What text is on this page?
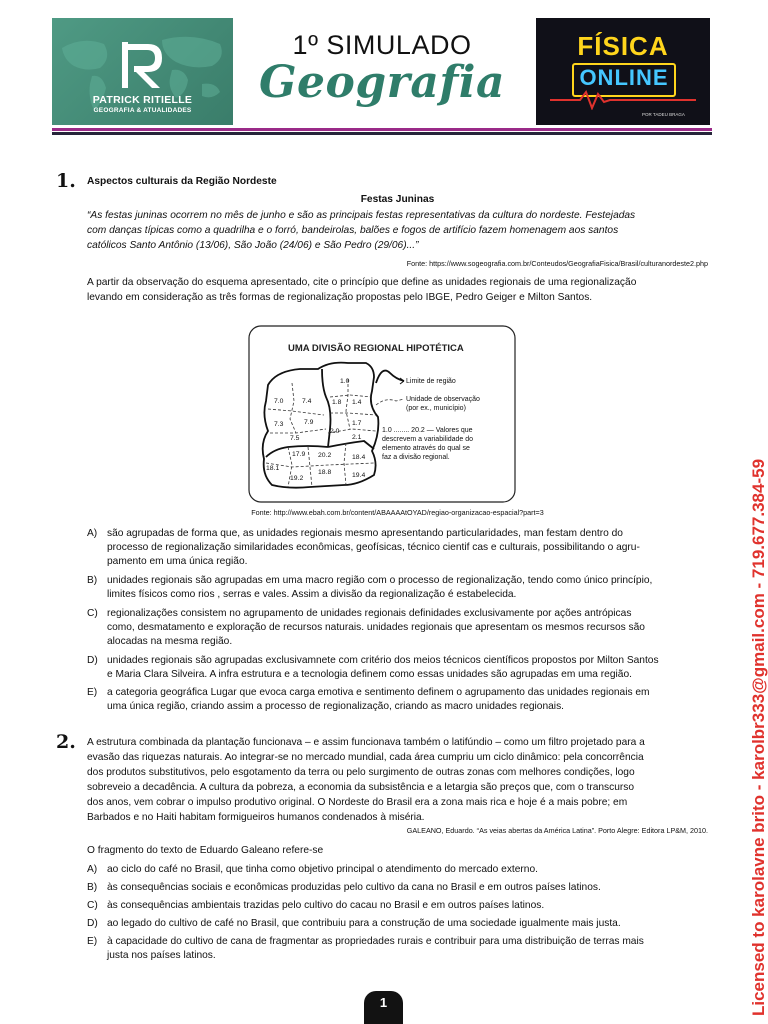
PATRICK RITIELLE
GEOGRAFIA & ATUALIDADES
1º SIMULADO
Geografia
FÍSICA
ONLINE
POR TADEU BRAGA
1. Aspectos culturais da Região Nordeste
Festas Juninas
“As festas juninas ocorrem no mês de junho e são as principais festas representativas da cultura do nordeste. Festejadas
com danças típicas como a quadrilha e o forró, bandeirolas, balões e fogos de artifício fazem homenagem aos santos
católicos Santo Antônio (13/06), São João (24/06) e São Pedro (29/06)...”
Fonte: https://www.sogeografia.com.br/Conteudos/GeografiaFisica/Brasil/culturanordeste2.php
A partir da observação do esquema apresentado, cite o princípio que define as unidades regionais de uma regionalização
levando em consideração as três formas de regionalização propostas pelo IBGE, Pedro Geiger e Milton Santos.
UMA DIVISÃO REGIONAL HIPOTÉTICA
1.0
7.0	7.4	1.8 1.4
7.3	7.9	1.7
2.0
7.5	2.1
17.9 20.2	18.4
18.1
18.8
19.2	19.4
Limite de região
Unidade de observação
(por ex., município)
1.0 ........ 20.2 — Valores que
descrevem a variabilidade do
elemento através do qual se
faz a divisão regional.
Fonte: http://www.ebah.com.br/content/ABAAAAtOYAD/regiao-organizacao-espacial?part=3
A) são agrupadas de forma que, as unidades regionais mesmo apresentando particularidades, man festam dentro do
processo de regionalização similaridades econômicas, geofísicas, técnico cientif cas e culturais, possibilitando o agru-
pamento em uma única região.
B) unidades regionais são agrupadas em uma macro região com o processo de regionalização, tendo como único princípio,
limites físicos como rios , serras e vales. Assim a divisão da regionalização é estabelecida.
C) regionalizações consistem no agrupamento de unidades regionais definidades exclusivamente por ações antrópicas
como, desmatamento e exploração de recursos naturais. unidades regionais que apresentam os mesmos recursos são
alocadas na mesma região.
D) unidades regionais são agrupadas exclusivamnete com critério dos meios técnicos científicos propostos por Milton Santos
e Maria Clara Silveira. A infra estrutura e a tecnologia definem como essas unidades são agrupadas em uma região.
E) a categoria geográfica Lugar que evoca carga emotiva e sentimento definem o agrupamento das unidades regionais em
uma única região, criando assim a processo de regionalização, criando as macro unidades regionais.
2. A estrutura combinada da plantação funcionava – e assim funcionava também o latifúndio – como um filtro projetado para a
evasão das riquezas naturais. Ao integrar-se no mercado mundial, cada área cumpriu um ciclo dinâmico: pela concorrência
dos produtos substitutivos, pelo esgotamento da terra ou pelo surgimento de outras zonas com melhores condições, logo
sobreveio a decadência. A cultura da pobreza, a economia da subsistência e a letargia são preços que, com o transcurso
dos anos, vem cobrar o impulso produtivo original. O Nordeste do Brasil era a zona mais rica e hoje é a mais pobre; em
Barbados e no Haiti habitam formigueiros humanos condenados à miséria.
GALEANO, Eduardo. “As veias abertas da América Latina”. Porto Alegre: Editora LP&M, 2010.
O fragmento do texto de Eduardo Galeano refere-se
A) ao ciclo do café no Brasil, que tinha como objetivo principal o atendimento do mercado externo.
B) às consequências sociais e econômicas produzidas pelo cultivo da cana no Brasil e em outros países latinos.
C) às consequências ambientais trazidas pelo cultivo do cacau no Brasil e em outros países latinos.
D) ao legado do cultivo de café no Brasil, que contribuiu para a construção de uma sociedade igualmente mais justa.
E) à capacidade do cultivo de cana de fragmentar as propriedades rurais e contribuir para uma distribuição de terras mais
justa nos países latinos.	Licensed to karolavne brito - karolbr333@gmail.com - 719.677.384-59
1
